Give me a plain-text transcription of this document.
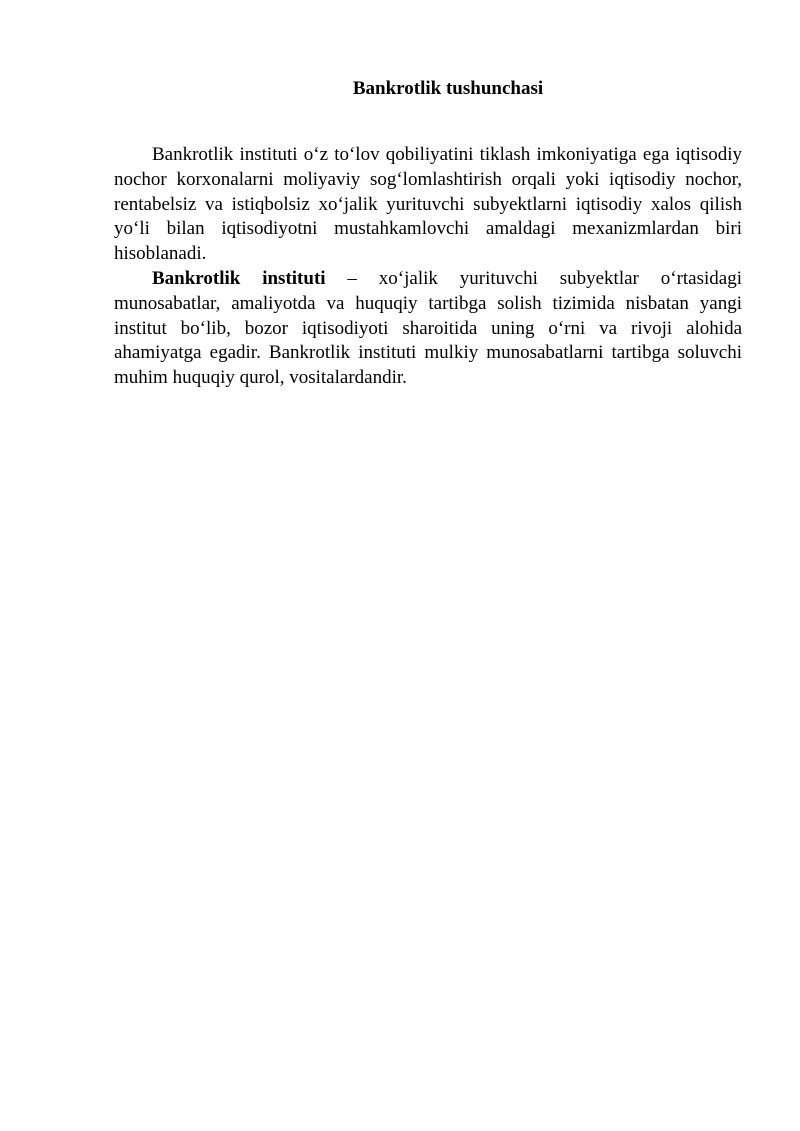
Bankrotlik tushunchasi

Bankrotlik instituti o‘z to‘lov qobiliyatini tiklash imkoniyatiga ega iqtisodiy nochor korxonalarni moliyaviy sog‘lomlashtirish orqali yoki iqtisodiy nochor, rentabelsiz va istiqbolsiz xo‘jalik yurituvchi subyektlarni iqtisodiy xalos qilish yo‘li bilan iqtisodiyotni mustahkamlovchi amaldagi mexanizmlardan biri hisoblanadi.

Bankrotlik instituti – xo‘jalik yurituvchi subyektlar o‘rtasidagi munosabatlar, amaliyotda va huquqiy tartibga solish tizimida nisbatan yangi institut bo‘lib, bozor iqtisodiyoti sharoitida uning o‘rni va rivoji alohida ahamiyatga egadir. Bankrotlik instituti mulkiy munosabatlarni tartibga soluvchi muhim huquqiy qurol, vositalardandir.
